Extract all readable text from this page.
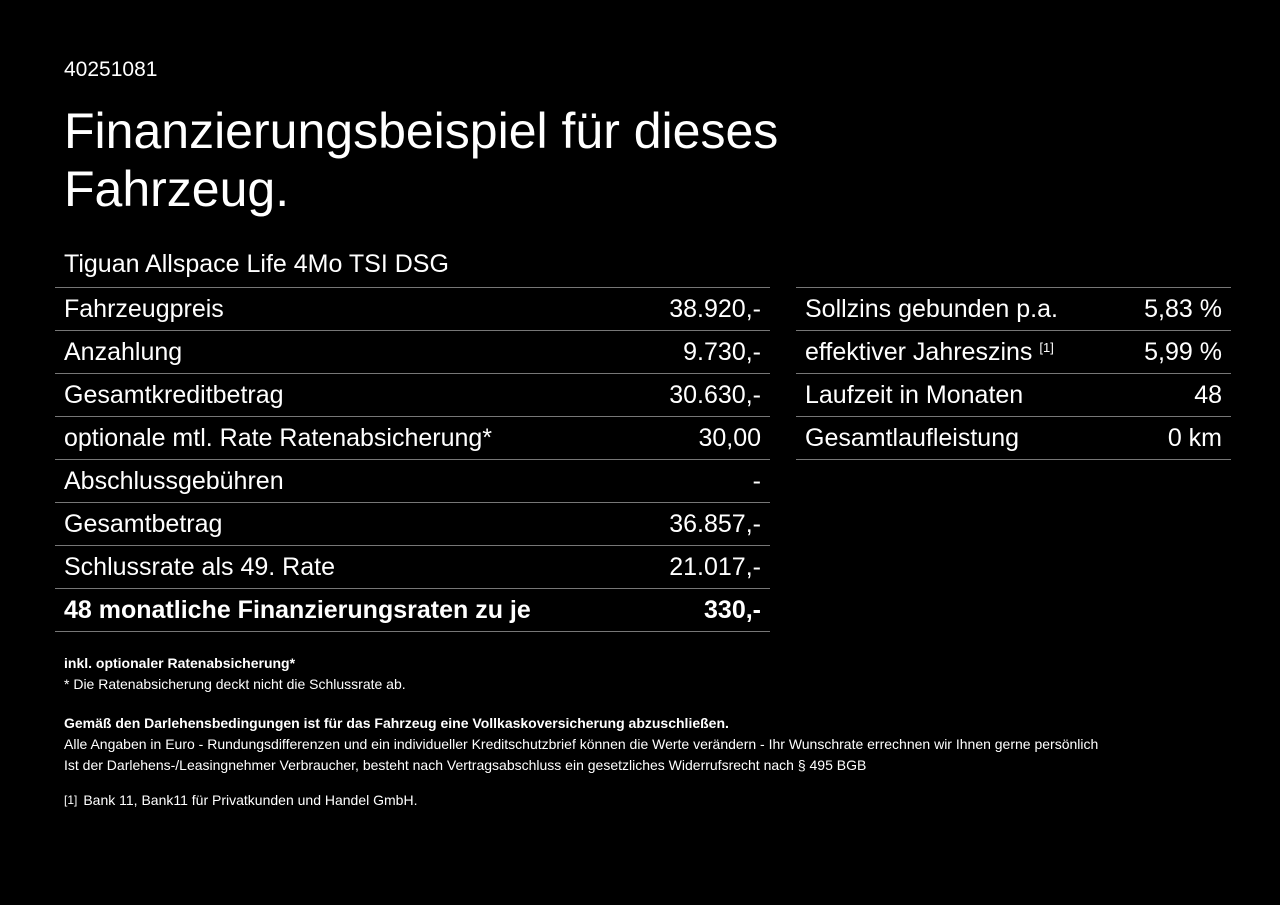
40251081
Finanzierungsbeispiel für dieses Fahrzeug.
Tiguan Allspace Life 4Mo TSI DSG
Fahrzeugpreis	38.920,-
Anzahlung	9.730,-
Gesamtkreditbetrag	30.630,-
optionale mtl. Rate Ratenabsicherung*	30,00
Abschlussgebühren	-
Gesamtbetrag	36.857,-
Schlussrate als 49. Rate	21.017,-
48 monatliche Finanzierungsraten zu je	330,-
Sollzins gebunden p.a.	5,83 %
effektiver Jahreszins [1]	5,99 %
Laufzeit in Monaten	48
Gesamtlaufleistung	0 km
inkl. optionaler Ratenabsicherung*
* Die Ratenabsicherung deckt nicht die Schlussrate ab.
Gemäß den Darlehensbedingungen ist für das Fahrzeug eine Vollkaskoversicherung abzuschließen.
Alle Angaben in Euro - Rundungsdifferenzen und ein individueller Kreditschutzbrief können die Werte verändern - Ihr Wunschrate errechnen wir Ihnen gerne persönlich
Ist der Darlehens-/Leasingnehmer Verbraucher, besteht nach Vertragsabschluss ein gesetzliches Widerrufsrecht nach § 495 BGB
[1] Bank 11, Bank11 für Privatkunden und Handel GmbH.
